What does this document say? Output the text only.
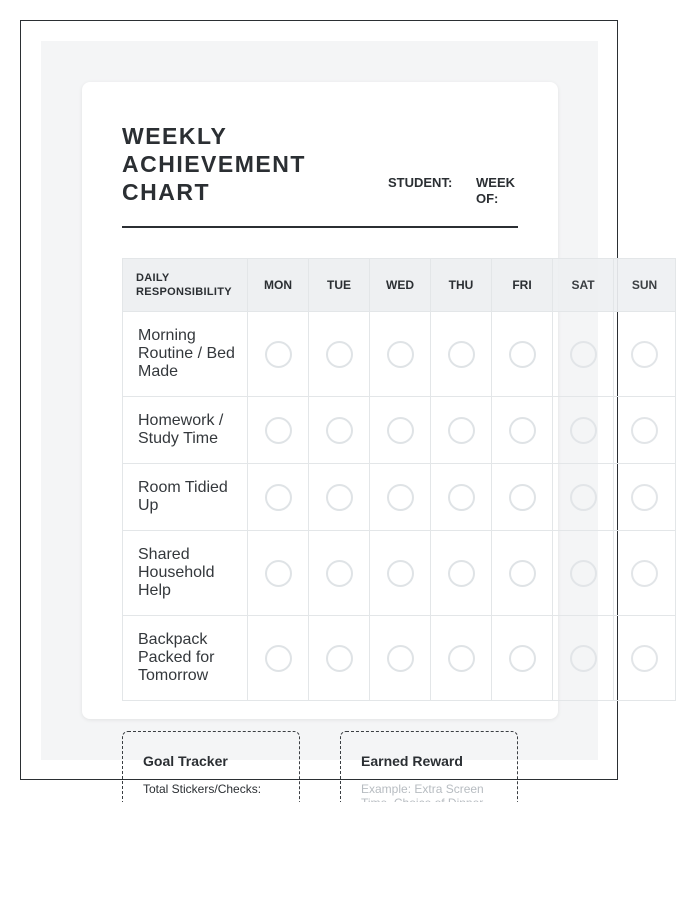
WEEKLY ACHIEVEMENT CHART	STUDENT: WEEK OF:
DAILY RESPONSIBILITY	MON	TUE	WED	THU	FRI	SAT	SUN
Morning Routine / Bed Made							
Homework / Study Time							
Room Tidied Up							
Shared Household Help							
Backpack Packed for Tomorrow							
Goal Tracker
Total Stickers/Checks:
Earned Reward
Example: Extra Screen
